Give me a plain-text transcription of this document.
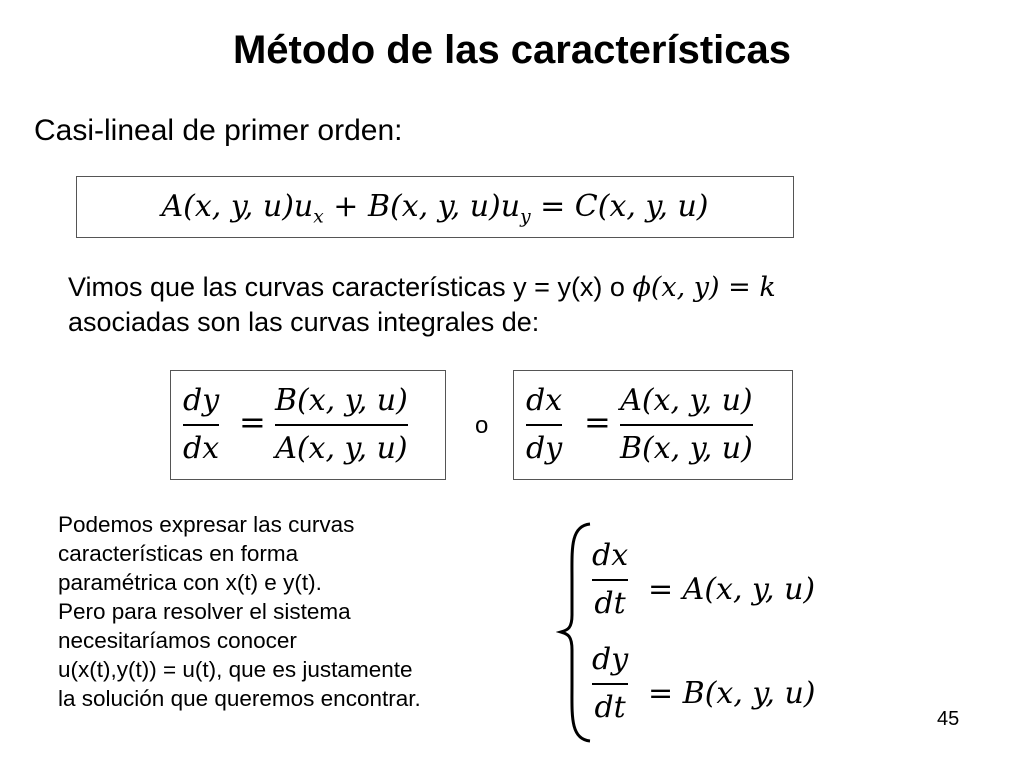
Método de las características
Casi-lineal de primer orden:
A(x, y, $u)u_x + B(x$, y, $u)u_y = C(x$, y, u)
Vimos que las curvas características y = y(x) o ϕ(x, y) = k
asociadas son las curvas integrales de:
dy
dx
=
B(x, y, u)
A(x, y, u)
o
dx
dy
=
A(x, y, u)
B(x, y, u)
Podemos expresar las curvas
características en forma
paramétrica con x(t) e y(t).
Pero para resolver el sistema
necesitaríamos conocer
u(x(t),y(t)) = u(t), que es justamente
la solución que queremos encontrar.
dx
dt = A(x, y, u)
dy
dt = B(x, y, u)
45
